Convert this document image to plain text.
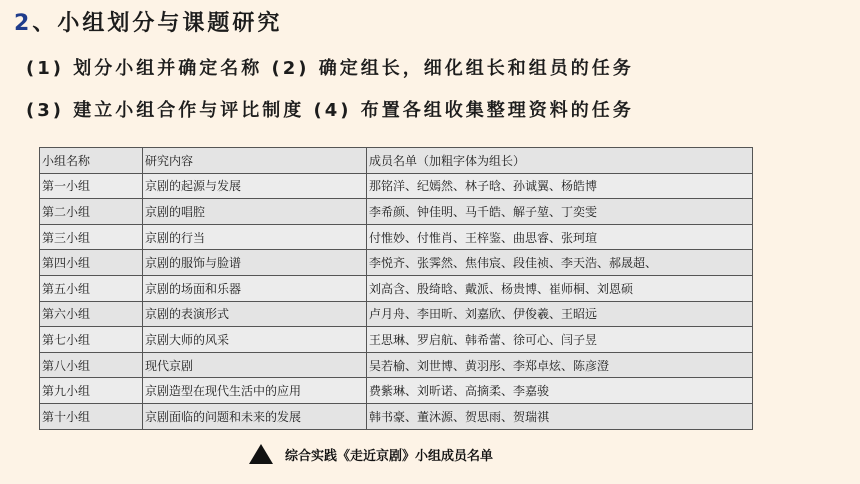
2、小组划分与课题研究
(1) 划分小组并确定名称 (2) 确定组长，细化组长和组员的任务
(3) 建立小组合作与评比制度 (4) 布置各组收集整理资料的任务
小组名称	研究内容	成员名单（加粗字体为组长）
第一小组	京剧的起源与发展	那铭洋、纪嫣然、林子晗、孙诚翼、杨皓博
第二小组	京剧的唱腔	李希颜、钟佳明、马千皓、解子堃、丁奕雯
第三小组	京剧的行当	付惟妙、付惟肖、王梓鉴、曲思睿、张珂瑄
第四小组	京剧的服饰与脸谱	李悦齐、张霁然、焦伟宸、段佳祯、李天浩、郝晟超、
第五小组	京剧的场面和乐器	刘高含、殷绮晗、戴派、杨贵博、崔师桐、刘恩硕
第六小组	京剧的表演形式	卢月舟、李田昕、刘嘉欣、伊俊羲、王昭远
第七小组	京剧大师的风采	王思琳、罗启航、韩希蕾、徐可心、闫子昱
第八小组	现代京剧	吴若榆、刘世博、黄羽彤、李郑卓炫、陈彦澄
第九小组	京剧造型在现代生活中的应用	费紫琳、刘昕诺、高摘柔、李嘉骏
第十小组	京剧面临的问题和未来的发展	韩书豪、董沐源、贺思雨、贺瑞祺
综合实践《走近京剧》小组成员名单
